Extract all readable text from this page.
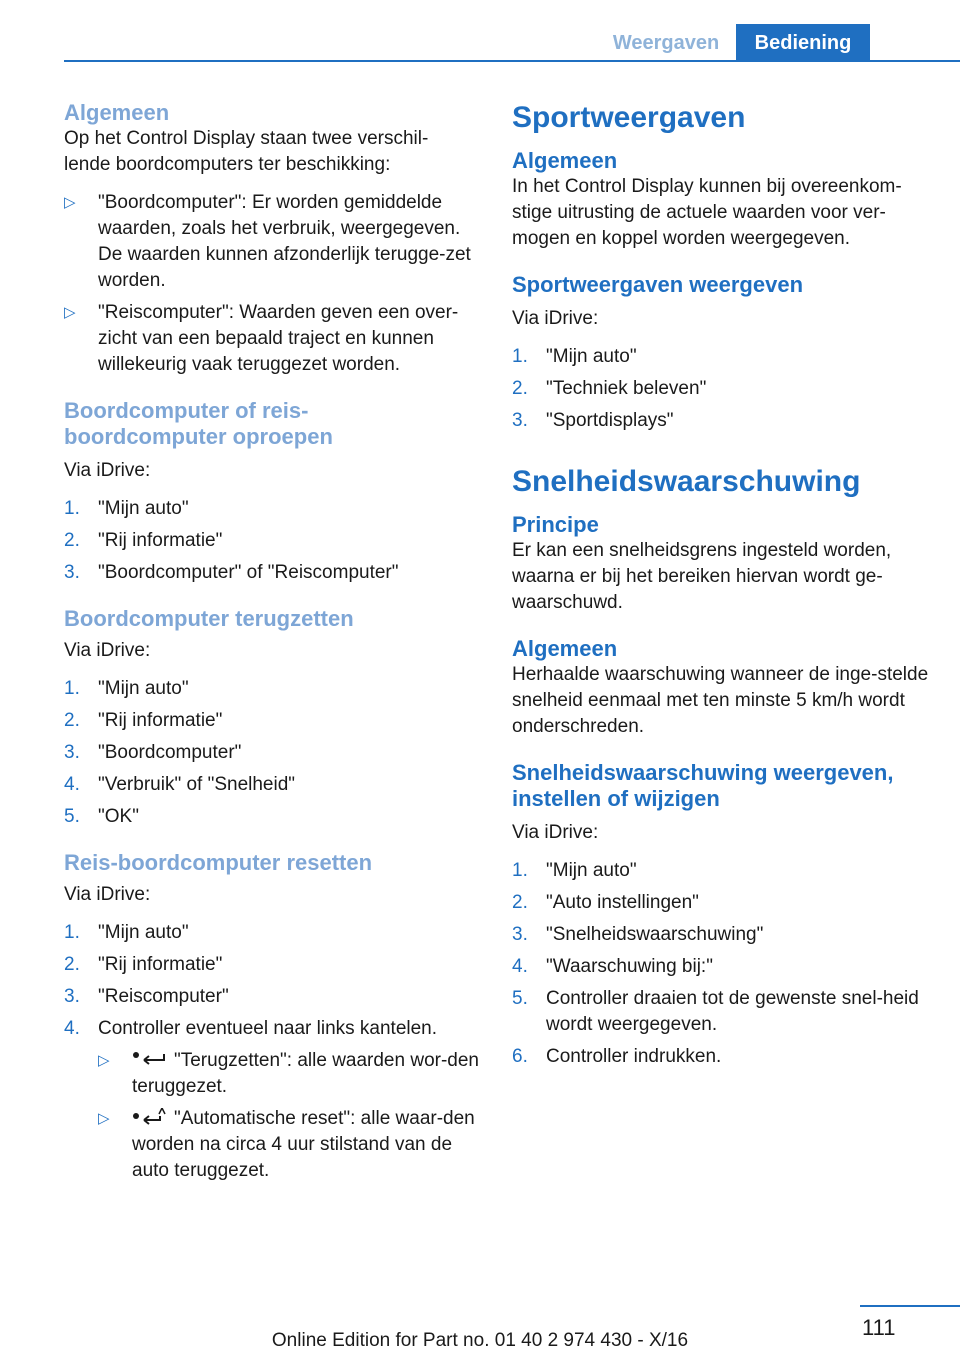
Weergaven	Bediening
Algemeen

Op het Control Display staan twee verschil-
lende boordcomputers ter beschikking:

▷ "Boordcomputer": Er worden gemiddelde waarden, zoals het verbruik, weergegeven. De waarden kunnen afzonderlijk terugge-zet worden.
▷ "Reiscomputer": Waarden geven een over-zicht van een bepaald traject en kunnen willekeurig vaak teruggezet worden.
Boordcomputer of reis-
boordcomputer oproepen

Via iDrive:

1. "Mijn auto"
2. "Rij informatie"
3. "Boordcomputer" of "Reiscomputer"
Boordcomputer terugzetten

Via iDrive:

1. "Mijn auto"
2. "Rij informatie"
3. "Boordcomputer"
4. "Verbruik" of "Snelheid"
5. "OK"
Reis-boordcomputer resetten

Via iDrive:

1. "Mijn auto"
2. "Rij informatie"
3. "Reiscomputer"
4. Controller eventueel naar links kantelen.
▷	"Terugzetten": alle waarden wor-den teruggezet.
▷	"Automatische reset": alle waar-den worden na circa 4 uur stilstand van de auto teruggezet.
Sportweergaven
Algemeen

In het Control Display kunnen bij overeenkom-stige uitrusting de actuele waarden voor ver-mogen en koppel worden weergegeven.

Sportweergaven weergeven

Via iDrive:

1. "Mijn auto"
2. "Techniek beleven"
3. "Sportdisplays"
Snelheidswaarschuwing
Principe

Er kan een snelheidsgrens ingesteld worden, waarna er bij het bereiken hiervan wordt ge-waarschuwd.

Algemeen

Herhaalde waarschuwing wanneer de inge-stelde snelheid eenmaal met ten minste 5 km/h wordt onderschreden.

Snelheidswaarschuwing weergeven,
instellen of wijzigen

Via iDrive:

1. "Mijn auto"
2. "Auto instellingen"
3. "Snelheidswaarschuwing"
4. "Waarschuwing bij:"
5. Controller draaien tot de gewenste snel-heid wordt weergegeven.
6. Controller indrukken.
111
Online Edition for Part no. 01 40 2 974 430 - X/16
